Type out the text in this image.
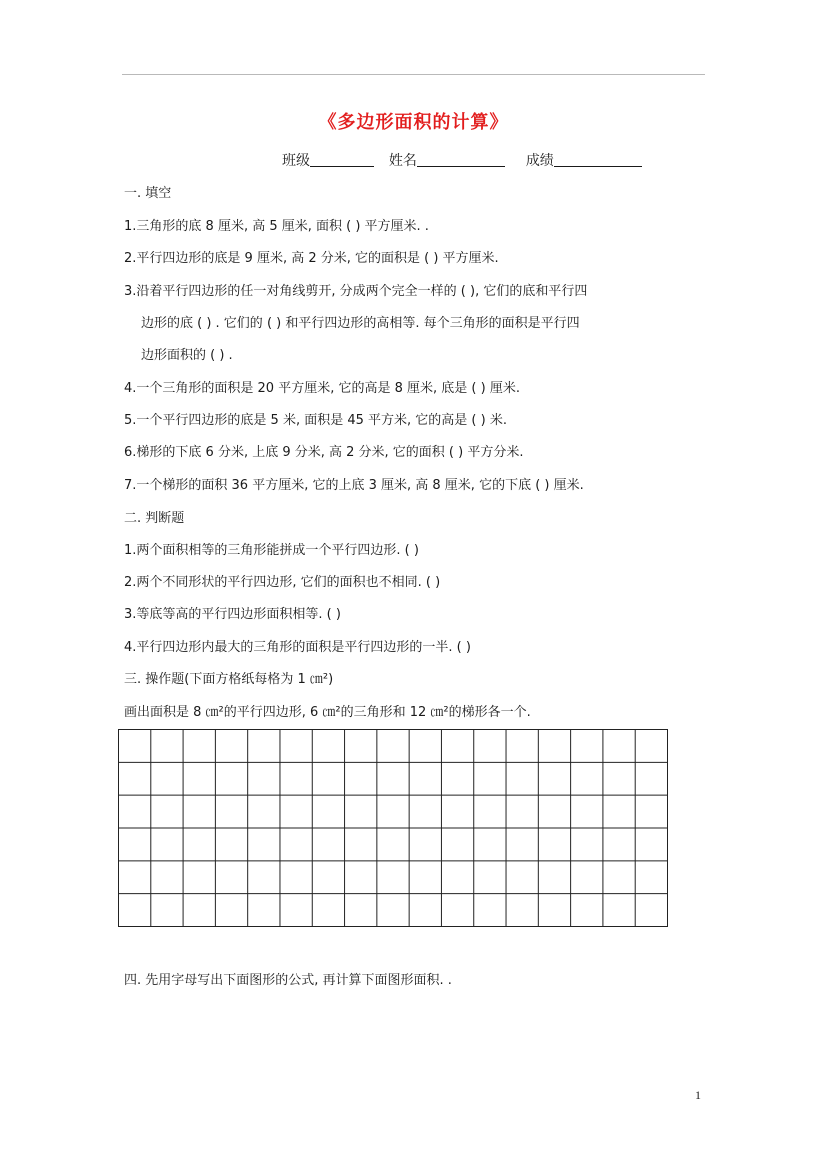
《多边形面积的计算》
班级	姓名	成绩
一. 填空
1.三角形的底 8 厘米, 高 5 厘米, 面积 ( ) 平方厘米. .
2.平行四边形的底是 9 厘米, 高 2 分米, 它的面积是 ( ) 平方厘米.
3.沿着平行四边形的任一对角线剪开, 分成两个完全一样的 ( ), 它们的底和平行四
边形的底 ( ) . 它们的 ( ) 和平行四边形的高相等. 每个三角形的面积是平行四
边形面积的 ( ) .
4.一个三角形的面积是 20 平方厘米, 它的高是 8 厘米, 底是 ( ) 厘米.
5.一个平行四边形的底是 5 米, 面积是 45 平方米, 它的高是 ( ) 米.
6.梯形的下底 6 分米, 上底 9 分米, 高 2 分米, 它的面积 ( ) 平方分米.
7.一个梯形的面积 36 平方厘米, 它的上底 3 厘米, 高 8 厘米, 它的下底 ( ) 厘米.
二. 判断题
1.两个面积相等的三角形能拼成一个平行四边形. ( )
2.两个不同形状的平行四边形, 它们的面积也不相同. ( )
3.等底等高的平行四边形面积相等. ( )
4.平行四边形内最大的三角形的面积是平行四边形的一半. ( )
三. 操作题(下面方格纸每格为 1 ㎝²)
画出面积是 8 ㎝²的平行四边形, 6 ㎝²的三角形和 12 ㎝²的梯形各一个.
四. 先用字母写出下面图形的公式, 再计算下面图形面积. .
1
